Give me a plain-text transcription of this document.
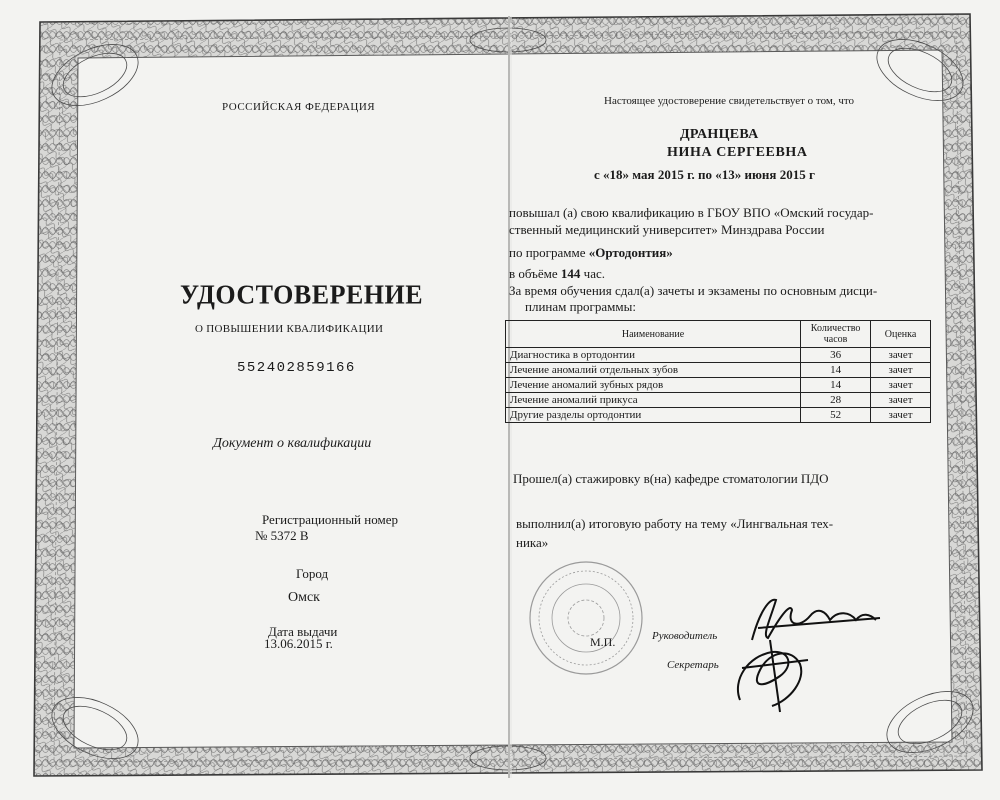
РОССИЙСКАЯ ФЕДЕРАЦИЯ
УДОСТОВЕРЕНИЕ
О ПОВЫШЕНИИ КВАЛИФИКАЦИИ
552402859166
Документ о квалификации
Регистрационный номер
№ 5372 В
Город
Омск
Дата выдачи
13.06.2015 г.
Настоящее удостоверение свидетельствует о том, что
ДРАНЦЕВА
НИНА СЕРГЕЕВНА
с «18» мая 2015 г. по «13» июня 2015 г
повышал (а) свою квалификацию в ГБОУ ВПО «Омский государ-
ственный медицинский университет» Минздрава России
по программе «Ортодонтия»
в объёме 144 час.
За время обучения сдал(а) зачеты и экзамены по основным дисци-
плинам программы:
Наименование	Количество часов	Оценка
Диагностика в ортодонтии	36	зачет
Лечение аномалий отдельных зубов	14	зачет
Лечение аномалий зубных рядов	14	зачет
Лечение аномалий прикуса	28	зачет
Другие разделы ортодонтии	52	зачет
Прошел(а) стажировку в(на) кафедре стоматологии ПДО
выполнил(а) итоговую работу на тему «Лингвальная тех-
ника»
М.П.	Руководитель
Секретарь
